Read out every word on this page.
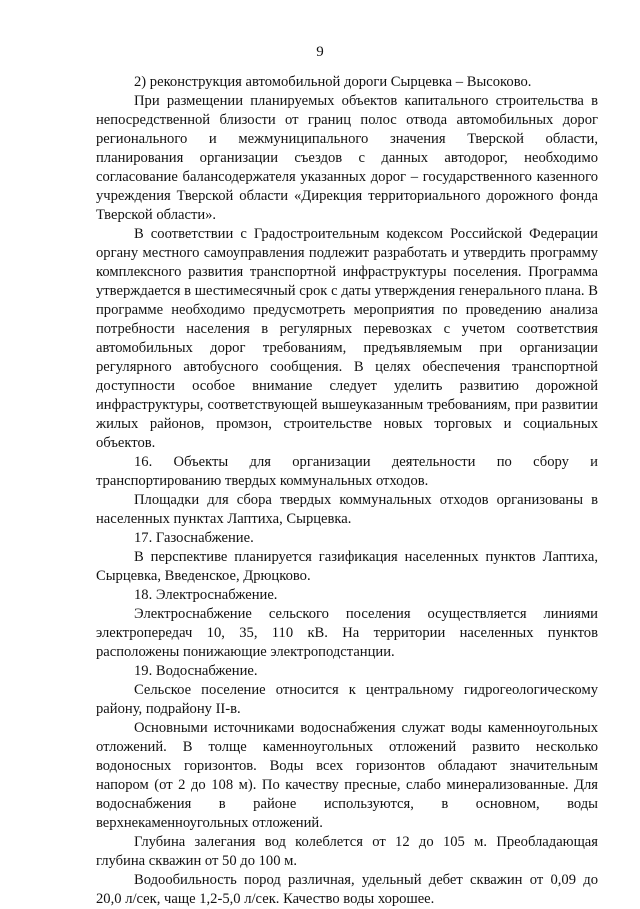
9

2) реконструкция автомобильной дороги Сырцевка – Высоково.

При размещении планируемых объектов капитального строительства в непосредственной близости от границ полос отвода автомобильных дорог регионального и межмуниципального значения Тверской области, планирования организации съездов с данных автодорог, необходимо согласование балансодержателя указанных дорог – государственного казенного учреждения Тверской области «Дирекция территориального дорожного фонда Тверской области».

В соответствии с Градостроительным кодексом Российской Федерации органу местного самоуправления подлежит разработать и утвердить программу комплексного развития транспортной инфраструктуры поселения. Программа утверждается в шестимесячный срок с даты утверждения генерального плана. В программе необходимо предусмотреть мероприятия по проведению анализа потребности населения в регулярных перевозках с учетом соответствия автомобильных дорог требованиям, предъявляемым при организации регулярного автобусного сообщения. В целях обеспечения транспортной доступности особое внимание следует уделить развитию дорожной инфраструктуры, соответствующей вышеуказанным требованиям, при развитии жилых районов, промзон, строительстве новых торговых и социальных объектов.

16. Объекты для организации деятельности по сбору и транспортированию твердых коммунальных отходов.

Площадки для сбора твердых коммунальных отходов организованы в населенных пунктах Лаптиха, Сырцевка.

17. Газоснабжение.

В перспективе планируется газификация населенных пунктов Лаптиха, Сырцевка, Введенское, Дрюцково.

18. Электроснабжение.

Электроснабжение сельского поселения осуществляется линиями электропередач 10, 35, 110 кВ. На территории населенных пунктов расположены понижающие электроподстанции.

19. Водоснабжение.

Сельское поселение относится к центральному гидрогеологическому району, подрайону II-в.

Основными источниками водоснабжения служат воды каменноугольных отложений. В толще каменноугольных отложений развито несколько водоносных горизонтов. Воды всех горизонтов обладают значительным напором (от 2 до 108 м). По качеству пресные, слабо минерализованные. Для водоснабжения в районе используются, в основном, воды верхнекаменноугольных отложений.

Глубина залегания вод колеблется от 12 до 105 м. Преобладающая глубина скважин от 50 до 100 м.

Водообильность пород различная, удельный дебет скважин от 0,09 до 20,0 л/сек, чаще 1,2-5,0 л/сек. Качество воды хорошее.
